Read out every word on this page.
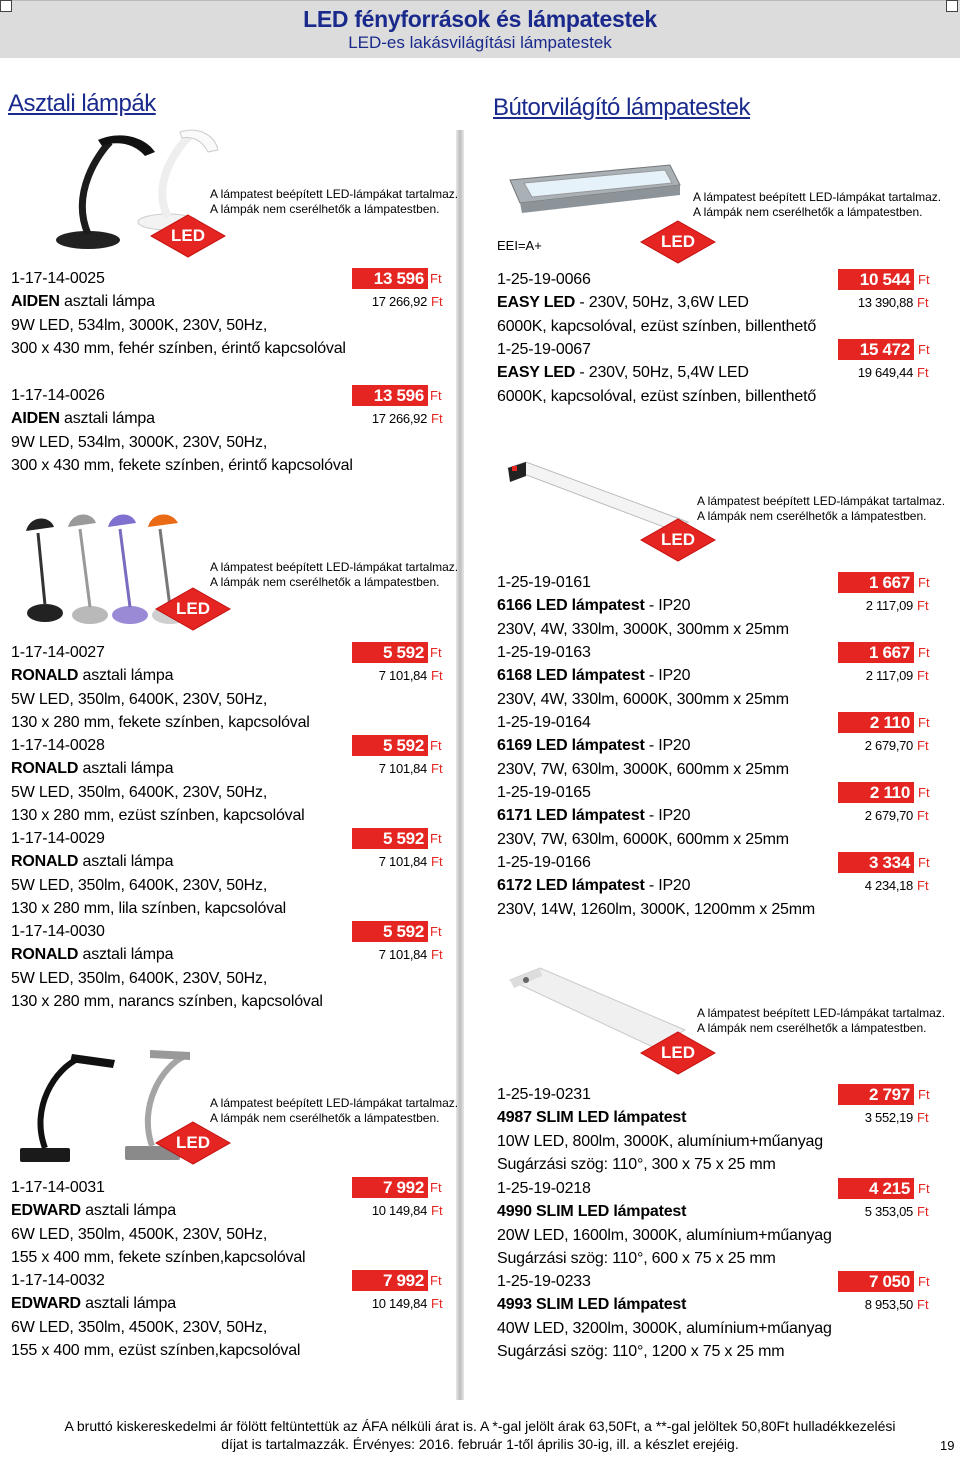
LED fényforrások és lámpatestek
LED-es lakásvilágítási lámpatestek
Asztali lámpák	Bútorvilágító lámpatestek
LED
A lámpatest beépített LED-lámpákat tartalmaz.
A lámpák nem cserélhetők a lámpatestben.
LED
A lámpatest beépített LED-lámpákat tartalmaz.
A lámpák nem cserélhetők a lámpatestben.
LED
A lámpatest beépített LED-lámpákat tartalmaz.
A lámpák nem cserélhetők a lámpatestben.
EEI=A+	LED
A lámpatest beépített LED-lámpákat tartalmaz.
A lámpák nem cserélhetők a lámpatestben.
LED
A lámpatest beépített LED-lámpákat tartalmaz.
A lámpák nem cserélhetők a lámpatestben.
LED
A lámpatest beépített LED-lámpákat tartalmaz.
A lámpák nem cserélhetők a lámpatestben.
1-17-14-0025	13 596 Ft
AIDEN asztali lámpa	17 266,92 Ft
9W LED, 534lm, 3000K, 230V, 50Hz,
300 x 430 mm, fehér színben, érintő kapcsolóval
1-17-14-0026	13 596 Ft
AIDEN asztali lámpa	17 266,92 Ft
9W LED, 534lm, 3000K, 230V, 50Hz,
300 x 430 mm, fekete színben, érintő kapcsolóval
1-17-14-0027	5 592 Ft
RONALD asztali lámpa	7 101,84 Ft
5W LED, 350lm, 6400K, 230V, 50Hz,
130 x 280 mm, fekete színben, kapcsolóval
1-17-14-0028	5 592 Ft
RONALD asztali lámpa	7 101,84 Ft
5W LED, 350lm, 6400K, 230V, 50Hz,
130 x 280 mm, ezüst színben, kapcsolóval
1-17-14-0029	5 592 Ft
RONALD asztali lámpa	7 101,84 Ft
5W LED, 350lm, 6400K, 230V, 50Hz,
130 x 280 mm, lila színben, kapcsolóval
1-17-14-0030	5 592 Ft
RONALD asztali lámpa	7 101,84 Ft
5W LED, 350lm, 6400K, 230V, 50Hz,
130 x 280 mm, narancs színben, kapcsolóval
1-17-14-0031	7 992 Ft
EDWARD asztali lámpa	10 149,84 Ft
6W LED, 350lm, 4500K, 230V, 50Hz,
155 x 400 mm, fekete színben,kapcsolóval
1-17-14-0032	7 992 Ft
EDWARD asztali lámpa	10 149,84 Ft
6W LED, 350lm, 4500K, 230V, 50Hz,
155 x 400 mm, ezüst színben,kapcsolóval
1-25-19-0066	10 544 Ft
EASY LED - 230V, 50Hz, 3,6W LED	13 390,88 Ft
6000K, kapcsolóval, ezüst színben, billenthető
1-25-19-0067	15 472 Ft
EASY LED - 230V, 50Hz, 5,4W LED	19 649,44 Ft
6000K, kapcsolóval, ezüst színben, billenthető
1-25-19-0161	1 667 Ft
6166 LED lámpatest - IP20	2 117,09 Ft
230V, 4W, 330lm, 3000K, 300mm x 25mm
1-25-19-0163	1 667 Ft
6168 LED lámpatest - IP20	2 117,09 Ft
230V, 4W, 330lm, 6000K, 300mm x 25mm
1-25-19-0164	2 110 Ft
6169 LED lámpatest - IP20	2 679,70 Ft
230V, 7W, 630lm, 3000K, 600mm x 25mm
1-25-19-0165	2 110 Ft
6171 LED lámpatest - IP20	2 679,70 Ft
230V, 7W, 630lm, 6000K, 600mm x 25mm
1-25-19-0166	3 334 Ft
6172 LED lámpatest - IP20	4 234,18 Ft
230V, 14W, 1260lm, 3000K, 1200mm x 25mm
1-25-19-0231	2 797 Ft
4987 SLIM LED lámpatest	3 552,19 Ft
10W LED, 800lm, 3000K, alumínium+műanyag
Sugárzási szög: 110°, 300 x 75 x 25 mm
1-25-19-0218	4 215 Ft
4990 SLIM LED lámpatest	5 353,05 Ft
20W LED, 1600lm, 3000K, alumínium+műanyag
Sugárzási szög: 110°, 600 x 75 x 25 mm
1-25-19-0233	7 050 Ft
4993 SLIM LED lámpatest	8 953,50 Ft
40W LED, 3200lm, 3000K, alumínium+műanyag
Sugárzási szög: 110°, 1200 x 75 x 25 mm
A bruttó kiskereskedelmi ár fölött feltüntettük az ÁFA nélküli árat is. A *-gal jelölt árak 63,50Ft, a **-gal jelöltek 50,80Ft hulladékkezelési
díjat is tartalmazzák. Érvényes: 2016. február 1-től április 30-ig, ill. a készlet erejéig.	19
